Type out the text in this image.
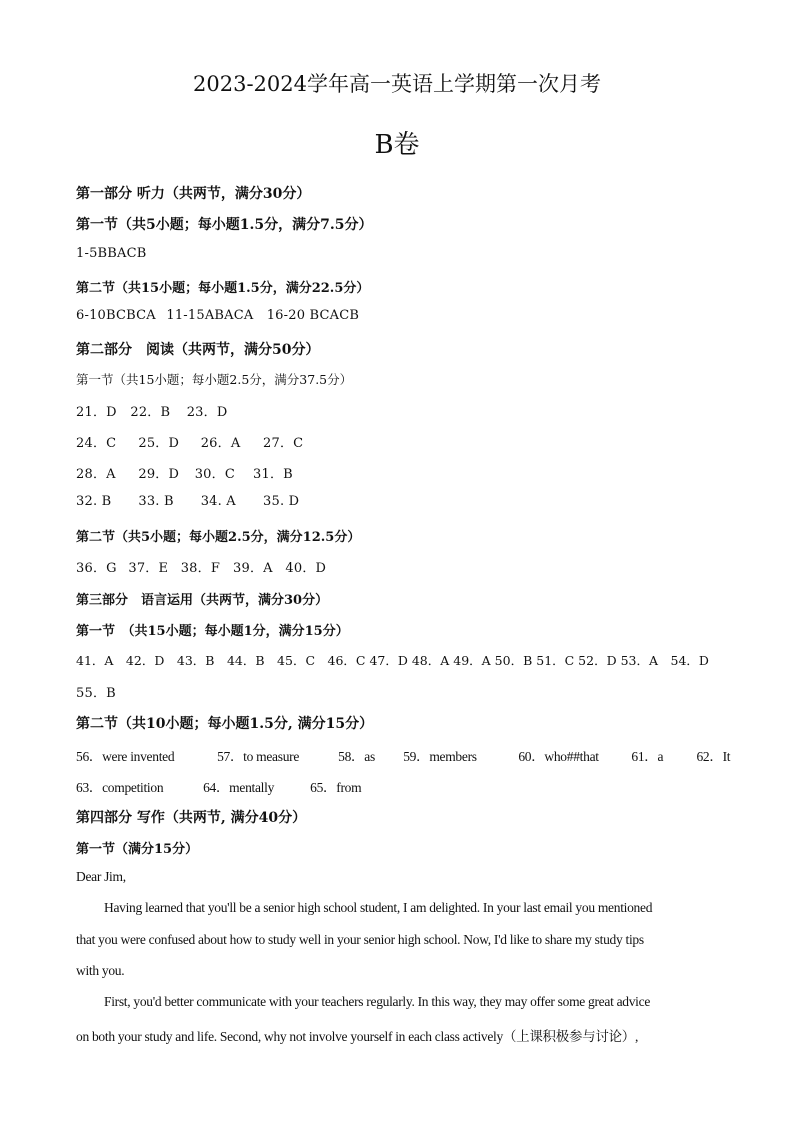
2023-2024学年高一英语上学期第一次月考
B卷
第一部分 听力（共两节，满分30分）
第一节（共5小题；每小题1.5分，满分7.5分）
1-5BBACB
第二节（共15小题；每小题1.5分，满分22.5分）
6-10BCBCA 11-15ABACA 16-20 BCACB
第二部分　阅读（共两节，满分50分）
第一节（共15小题；每小题2.5分，满分37.5分）
21．D 22．B 23．D
24．C 25．D 26．A 27．C
28．A 29．D 30．C 31．B
32. B 33. B 34. A 35. D
第二节（共5小题；每小题2.5分，满分12.5分）
36．G 37．E 38．F 39．A 40．D
第三部分　语言运用（共两节，满分30分）
第一节　（共15小题；每小题1分，满分15分）
41．A　42．D　43．B　44．B　45．C　46．C 47．D 48．A 49．A 50．B 51．C 52．D 53．A　54．D
55．B
第二节（共10小题；每小题1.5分, 满分15分）
56．were invented	57．to measure	58．as 59．members	60．who##that 61．a 62．It
63．competition	64．mentally	65．from
第四部分 写作（共两节, 满分40分）
第一节（满分15分）
Dear Jim,
Having learned that you'll be a senior high school student, I am delighted. In your last email you mentioned
that you were confused about how to study well in your senior high school. Now, I'd like to share my study tips
with you.
First, you'd better communicate with your teachers regularly. In this way, they may offer some great advice
on both your study and life. Second, why not involve yourself in each class actively（上课积极参与讨论）,
